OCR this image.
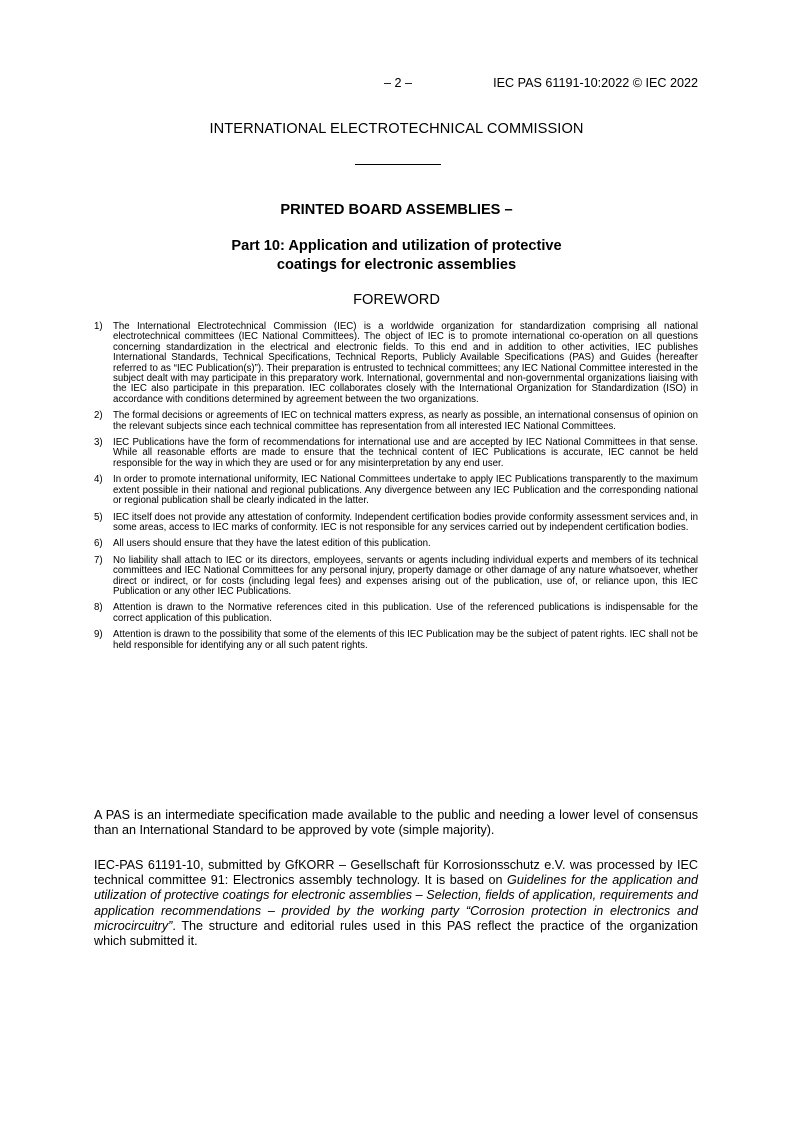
– 2 –	IEC PAS 61191-10:2022 © IEC 2022
INTERNATIONAL ELECTROTECHNICAL COMMISSION
PRINTED BOARD ASSEMBLIES –
Part 10: Application and utilization of protective
coatings for electronic assemblies
FOREWORD
1) The International Electrotechnical Commission (IEC) is a worldwide organization for standardization comprising all national electrotechnical committees (IEC National Committees). The object of IEC is to promote international co-operation on all questions concerning standardization in the electrical and electronic fields. To this end and in addition to other activities, IEC publishes International Standards, Technical Specifications, Technical Reports, Publicly Available Specifications (PAS) and Guides (hereafter referred to as “IEC Publication(s)”). Their preparation is entrusted to technical committees; any IEC National Committee interested in the subject dealt with may participate in this preparatory work. International, governmental and non-governmental organizations liaising with the IEC also participate in this preparation. IEC collaborates closely with the International Organization for Standardization (ISO) in accordance with conditions determined by agreement between the two organizations.
2) The formal decisions or agreements of IEC on technical matters express, as nearly as possible, an international consensus of opinion on the relevant subjects since each technical committee has representation from all interested IEC National Committees.
3) IEC Publications have the form of recommendations for international use and are accepted by IEC National Committees in that sense. While all reasonable efforts are made to ensure that the technical content of IEC Publications is accurate, IEC cannot be held responsible for the way in which they are used or for any misinterpretation by any end user.
4) In order to promote international uniformity, IEC National Committees undertake to apply IEC Publications transparently to the maximum extent possible in their national and regional publications. Any divergence between any IEC Publication and the corresponding national or regional publication shall be clearly indicated in the latter.
5) IEC itself does not provide any attestation of conformity. Independent certification bodies provide conformity assessment services and, in some areas, access to IEC marks of conformity. IEC is not responsible for any services carried out by independent certification bodies.
6) All users should ensure that they have the latest edition of this publication.
7) No liability shall attach to IEC or its directors, employees, servants or agents including individual experts and members of its technical committees and IEC National Committees for any personal injury, property damage or other damage of any nature whatsoever, whether direct or indirect, or for costs (including legal fees) and expenses arising out of the publication, use of, or reliance upon, this IEC Publication or any other IEC Publications.
8) Attention is drawn to the Normative references cited in this publication. Use of the referenced publications is indispensable for the correct application of this publication.
9) Attention is drawn to the possibility that some of the elements of this IEC Publication may be the subject of patent rights. IEC shall not be held responsible for identifying any or all such patent rights.

A PAS is an intermediate specification made available to the public and needing a lower level of consensus than an International Standard to be approved by vote (simple majority).

IEC-PAS 61191-10, submitted by GfKORR – Gesellschaft für Korrosionsschutz e.V. was processed by IEC technical committee 91: Electronics assembly technology. It is based on Guidelines for the application and utilization of protective coatings for electronic assemblies – Selection, fields of application, requirements and application recommendations – provided by the working party “Corrosion protection in electronics and microcircuitry”. The structure and editorial rules used in this PAS reflect the practice of the organization which submitted it.
